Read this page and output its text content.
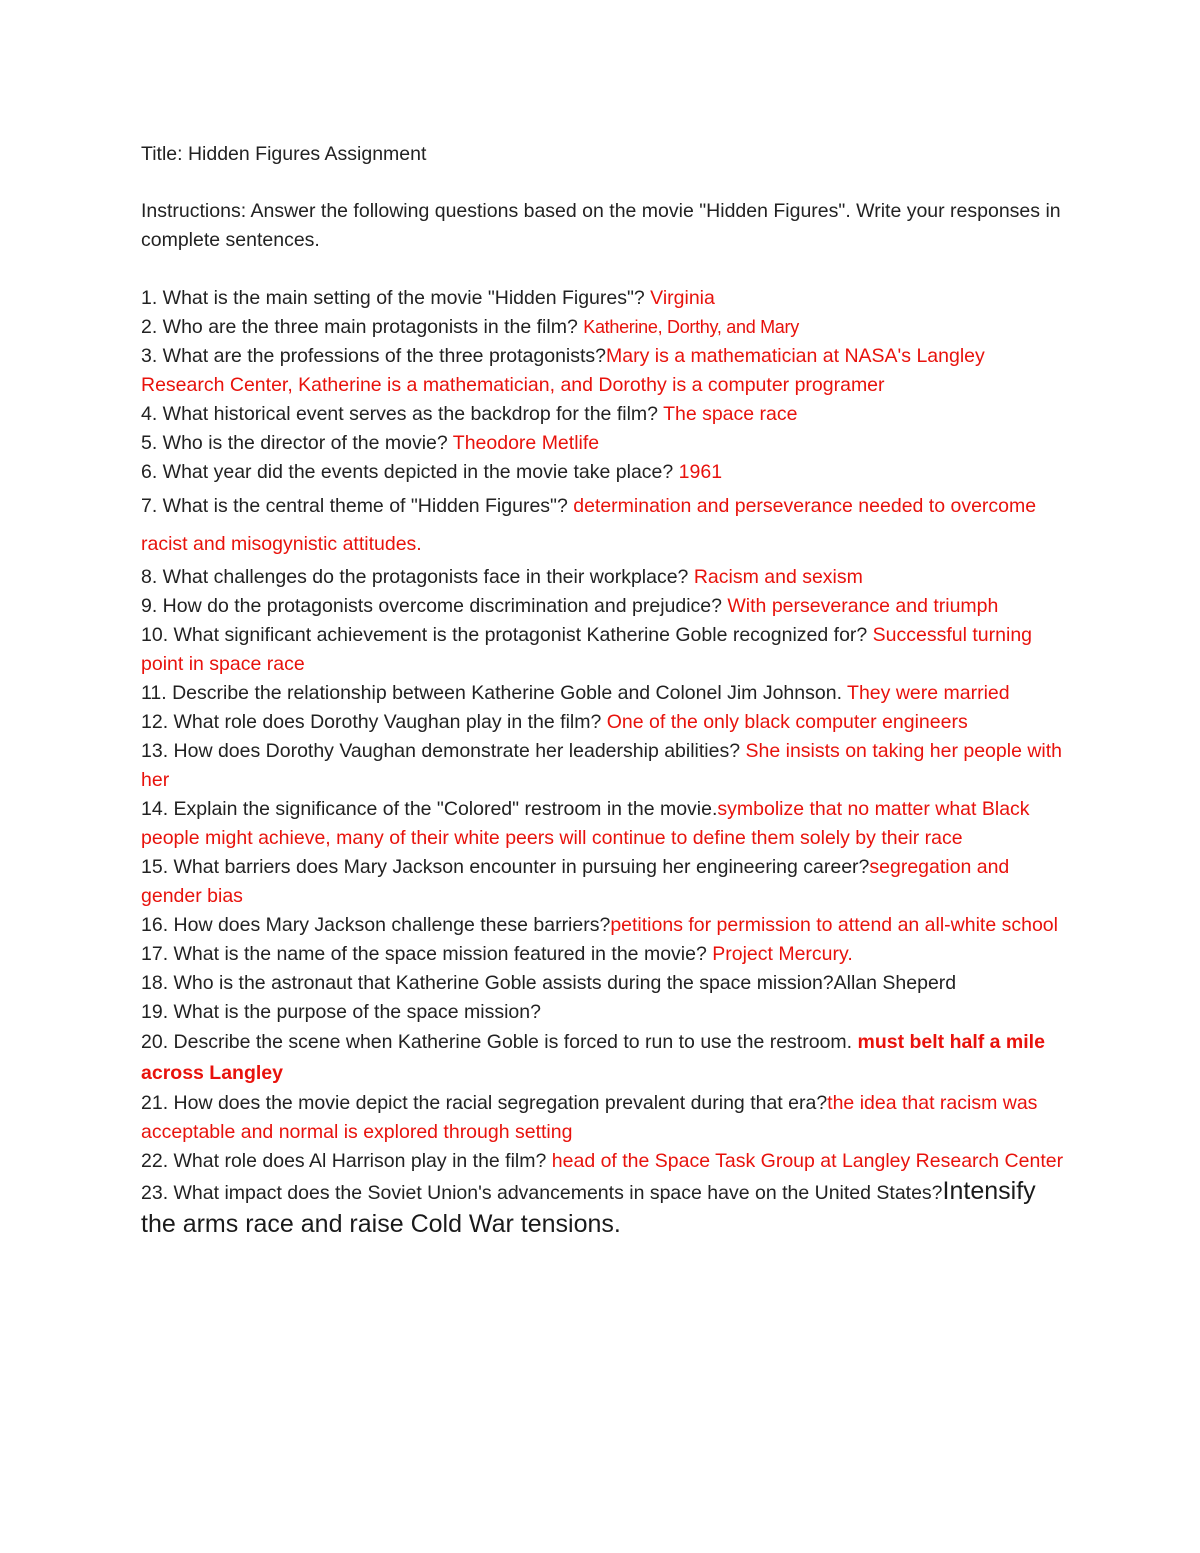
Title: Hidden Figures Assignment

Instructions: Answer the following questions based on the movie "Hidden Figures". Write your responses in complete sentences.

1. What is the main setting of the movie "Hidden Figures"? Virginia

2. Who are the three main protagonists in the film? Katherine, Dorthy, and Mary

3. What are the professions of the three protagonists?Mary is a mathematician at NASA's Langley Research Center, Katherine is a mathematician, and Dorothy is a computer programer

4. What historical event serves as the backdrop for the film? The space race

5. Who is the director of the movie? Theodore Metlife

6. What year did the events depicted in the movie take place? 1961

7. What is the central theme of "Hidden Figures"? determination and perseverance needed to overcome racist and misogynistic attitudes.

8. What challenges do the protagonists face in their workplace? Racism and sexism

9. How do the protagonists overcome discrimination and prejudice? With perseverance and triumph

10. What significant achievement is the protagonist Katherine Goble recognized for? Successful turning point in space race

11. Describe the relationship between Katherine Goble and Colonel Jim Johnson. They were married

12. What role does Dorothy Vaughan play in the film? One of the only black computer engineers

13. How does Dorothy Vaughan demonstrate her leadership abilities? She insists on taking her people with her

14. Explain the significance of the "Colored" restroom in the movie.symbolize that no matter what Black people might achieve, many of their white peers will continue to define them solely by their race

15. What barriers does Mary Jackson encounter in pursuing her engineering career?segregation and gender bias

16. How does Mary Jackson challenge these barriers?petitions for permission to attend an all-white school

17. What is the name of the space mission featured in the movie? Project Mercury.

18. Who is the astronaut that Katherine Goble assists during the space mission?Allan Sheperd

19. What is the purpose of the space mission?

20. Describe the scene when Katherine Goble is forced to run to use the restroom. must belt half a mile across Langley

21. How does the movie depict the racial segregation prevalent during that era?the idea that racism was acceptable and normal is explored through setting

22. What role does Al Harrison play in the film? head of the Space Task Group at Langley Research Center

23. What impact does the Soviet Union's advancements in space have on the United States?Intensify the arms race and raise Cold War tensions.
